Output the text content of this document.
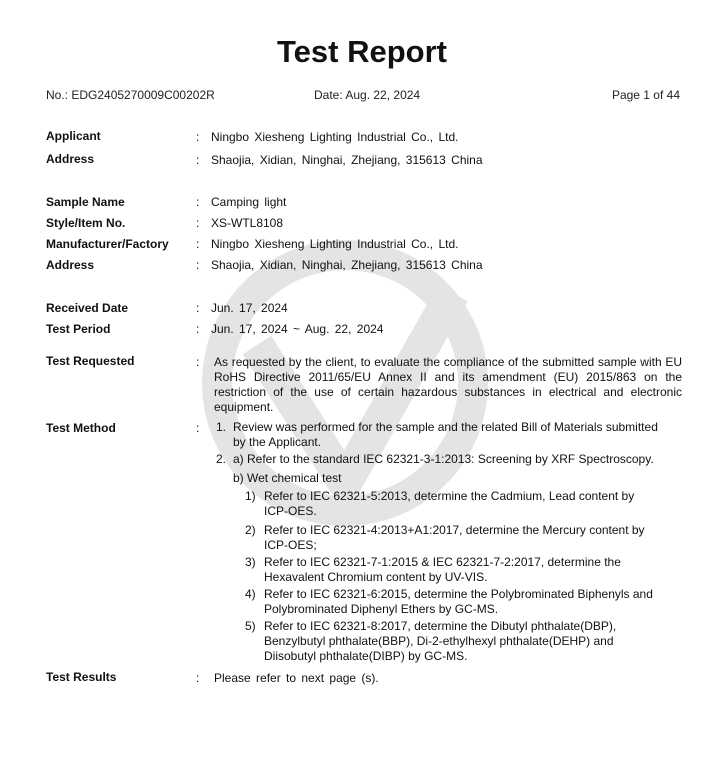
Test Report
No.: EDG2405270009C00202R	Date: Aug. 22, 2024	Page 1 of 44
Applicant	: Ningbo Xiesheng Lighting Industrial Co., Ltd.
Address	: Shaojia, Xidian, Ninghai, Zhejiang, 315613 China
Sample Name	: Camping light
Style/Item No.	: XS-WTL8108
Manufacturer/Factory : Ningbo Xiesheng Lighting Industrial Co., Ltd.
Address	: Shaojia, Xidian, Ninghai, Zhejiang, 315613 China
Received Date	: Jun. 17, 2024
Test Period	: Jun. 17, 2024 ~ Aug. 22, 2024
Test Requested	: As requested by the client, to evaluate the compliance of the submitted sample with EU RoHS Directive 2011/65/EU Annex II and its amendment (EU) 2015/863 on the restriction of the use of certain hazardous substances in electrical and electronic equipment.
Test Method	: 1. Review was performed for the sample and the related Bill of Materials submitted
by the Applicant.
2. a) Refer to the standard IEC 62321-3-1:2013: Screening by XRF Spectroscopy.
b) Wet chemical test
1) Refer to IEC 62321-5:2013, determine the Cadmium, Lead content by
ICP-OES.
2) Refer to IEC 62321-4:2013+A1:2017, determine the Mercury content by
ICP-OES;
3) Refer to IEC 62321-7-1:2015 & IEC 62321-7-2:2017, determine the
Hexavalent Chromium content by UV-VIS.
4) Refer to IEC 62321-6:2015, determine the Polybrominated Biphenyls and
Polybrominated Diphenyl Ethers by GC-MS.
5) Refer to IEC 62321-8:2017, determine the Dibutyl phthalate(DBP),
Benzylbutyl phthalate(BBP), Di-2-ethylhexyl phthalate(DEHP) and
Diisobutyl phthalate(DIBP) by GC-MS.
Test Results	: Please refer to next page (s).
